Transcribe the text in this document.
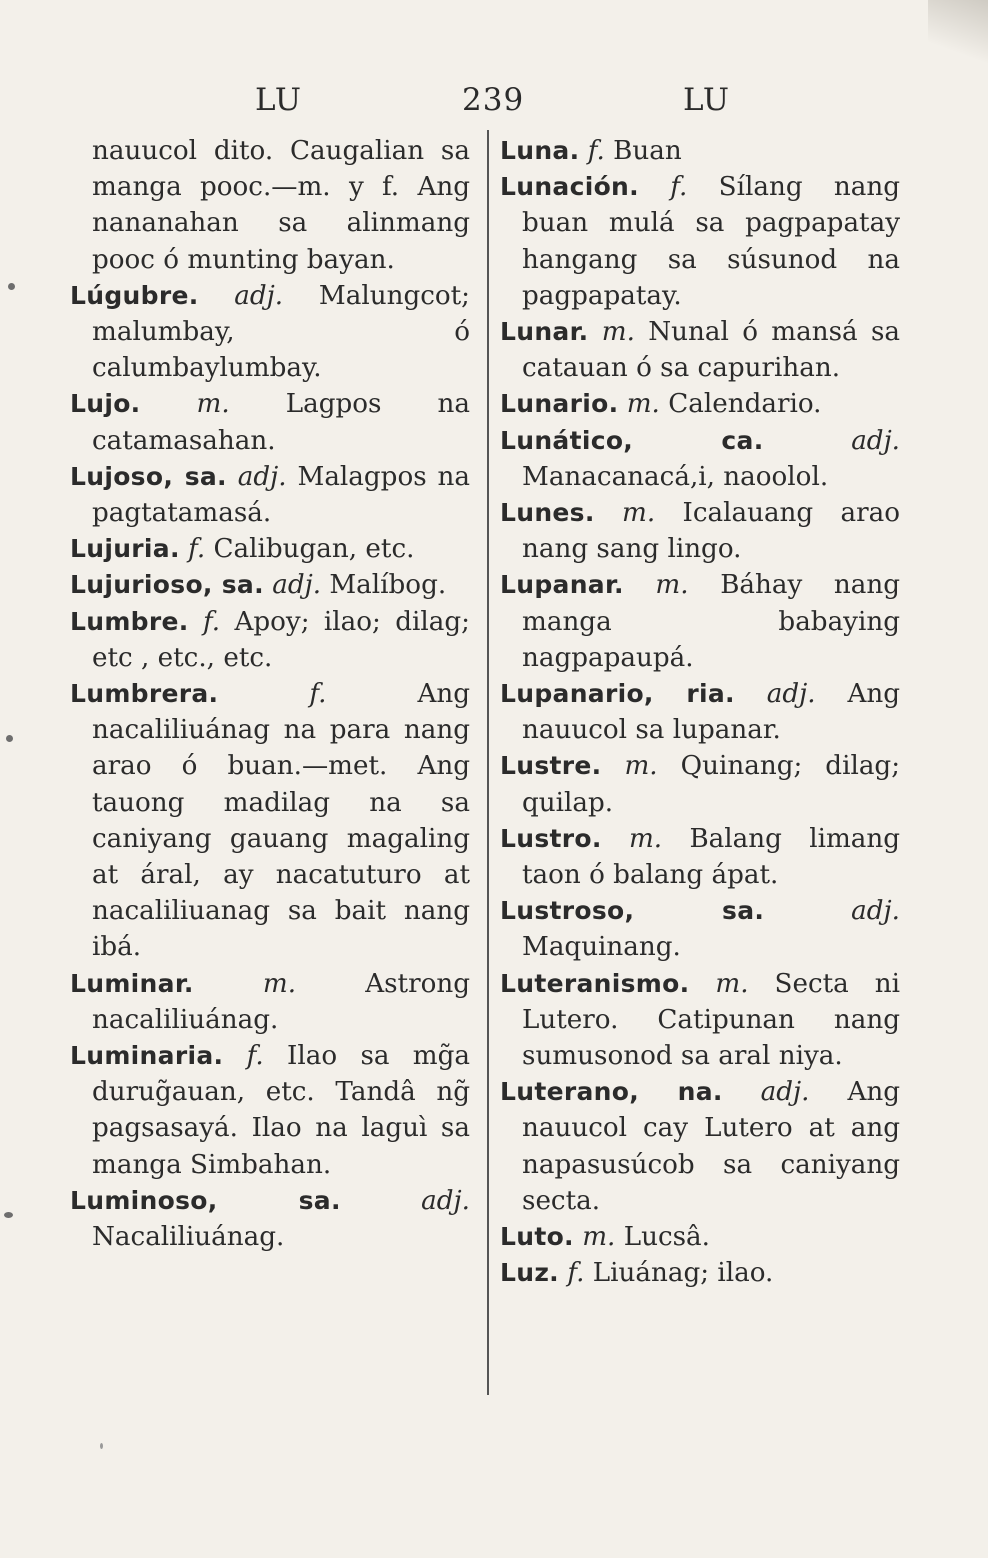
LU	239	LU

nauucol dito. Caugalian sa manga pooc.—m. y f. Ang nananahan sa alinmang pooc ó munting bayan.

Lúgubre. adj. Malungcot; malumbay, ó calumbaylumbay.

Lujo. m. Lagpos na catamasahan.

Lujoso, sa. adj. Malagpos na pagtatamasá.

Lujuria. f. Calibugan, etc.

Lujurioso, sa. adj. Malíbog.

Lumbre. f. Apoy; ilao; dilag; etc , etc., etc.

Lumbrera.	f.	Ang nacaliliuánag na para nang arao ó buan.—met. Ang tauong madilag na sa caniyang gauang magaling at áral, ay nacatuturo at nacaliliuanag sa bait nang ibá.

Luminar.	m.	Astrong nacaliliuánag.

Luminaria. f. Ilao sa mg̃a durug̃auan, etc. Tandâ ng̃ pagsasayá. Ilao na laguì sa manga Simbahan.

Luminoso, sa.	adj. Nacaliliuánag.

Luna. f. Buan

Lunación. f. Sílang nang buan mulá sa pagpapatay hangang sa súsunod na pagpapatay.

Lunar. m. Nunal ó mansá sa catauan ó sa capurihan.

Lunario. m. Calendario.

Lunático, ca.	adj. Manacanacá,i, naoolol.

Lunes. m. Icalauang arao nang sang lingo.

Lupanar. m. Báhay nang manga babaying nagpapaupá.

Lupanario, ria. adj. Ang nauucol sa lupanar.

Lustre. m. Quinang; dilag; quilap.

Lustro. m. Balang limang taon ó balang ápat.

Lustroso, sa.	adj. Maquinang.

Luteranismo. m. Secta ni Lutero. Catipunan nang sumusonod sa aral niya.

Luterano, na. adj. Ang nauucol cay Lutero at ang napasusúcob sa caniyang secta.

Luto. m. Lucsâ.

Luz. f. Liuánag; ilao.
